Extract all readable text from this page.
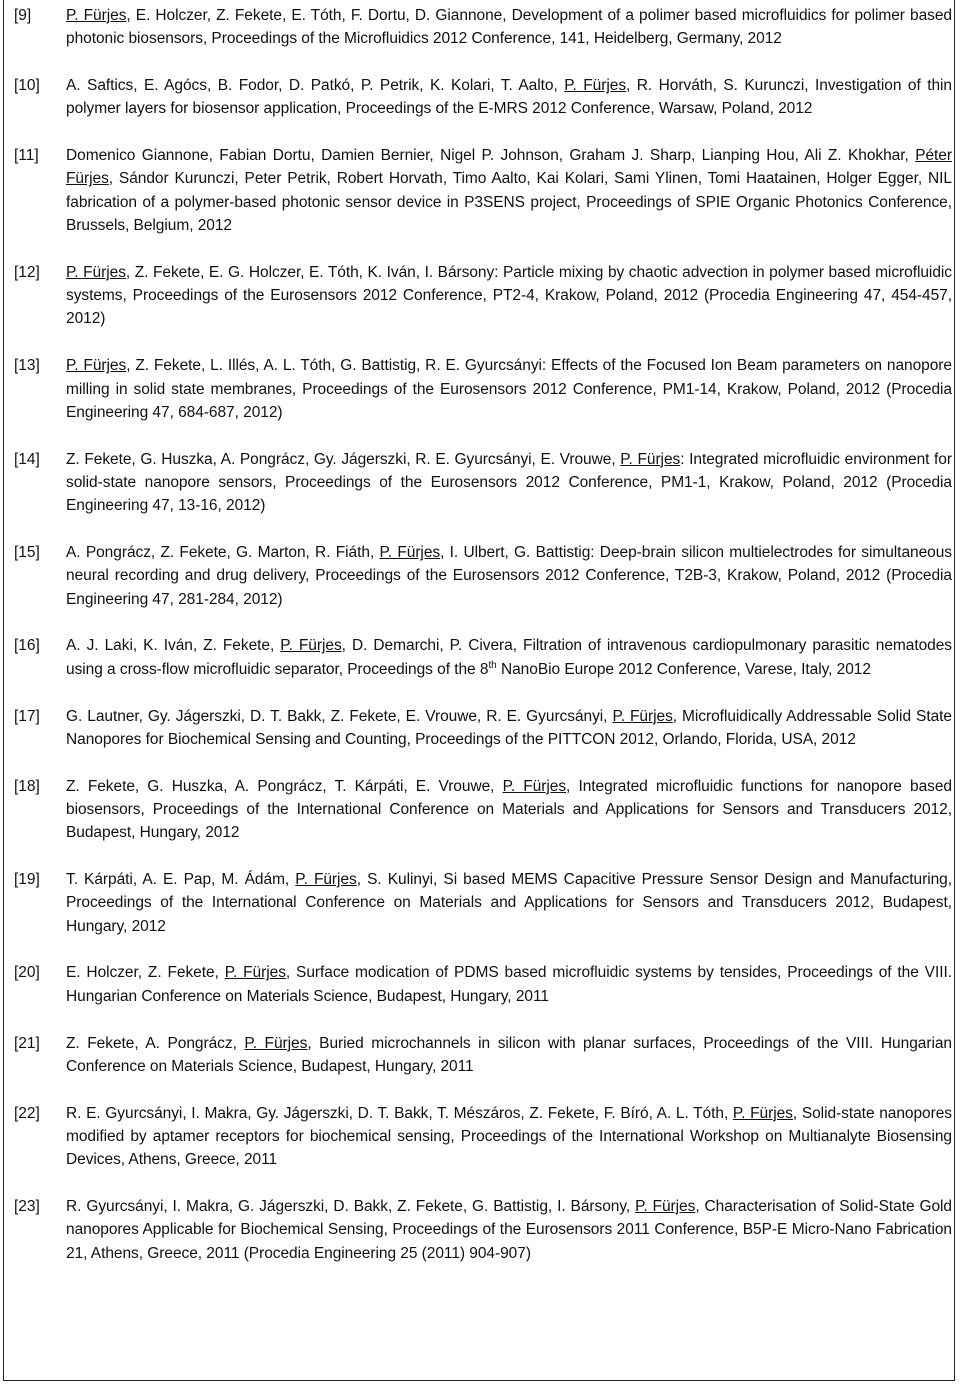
[9]	P. Fürjes, E. Holczer, Z. Fekete, E. Tóth, F. Dortu, D. Giannone, Development of a polimer based microfluidics for polimer based photonic biosensors, Proceedings of the Microfluidics 2012 Conference, 141, Heidelberg, Germany, 2012
[10]	A. Saftics, E. Agócs, B. Fodor, D. Patkó, P. Petrik, K. Kolari, T. Aalto, P. Fürjes, R. Horváth, S. Kurunczi, Investigation of thin polymer layers for biosensor application, Proceedings of the E-MRS 2012 Conference, Warsaw, Poland, 2012
[11]	Domenico Giannone, Fabian Dortu, Damien Bernier, Nigel P. Johnson, Graham J. Sharp, Lianping Hou, Ali Z. Khokhar, Péter Fürjes, Sándor Kurunczi, Peter Petrik, Robert Horvath, Timo Aalto, Kai Kolari, Sami Ylinen, Tomi Haatainen, Holger Egger, NIL fabrication of a polymer-based photonic sensor device in P3SENS project, Proceedings of SPIE Organic Photonics Conference, Brussels, Belgium, 2012
[12]	P. Fürjes, Z. Fekete, E. G. Holczer, E. Tóth, K. Iván, I. Bársony: Particle mixing by chaotic advection in polymer based microfluidic systems, Proceedings of the Eurosensors 2012 Conference, PT2-4, Krakow, Poland, 2012 (Procedia Engineering 47, 454-457, 2012)
[13]	P. Fürjes, Z. Fekete, L. Illés, A. L. Tóth, G. Battistig, R. E. Gyurcsányi: Effects of the Focused Ion Beam parameters on nanopore milling in solid state membranes, Proceedings of the Eurosensors 2012 Conference, PM1-14, Krakow, Poland, 2012 (Procedia Engineering 47, 684-687, 2012)
[14]	Z. Fekete, G. Huszka, A. Pongrácz, Gy. Jágerszki, R. E. Gyurcsányi, E. Vrouwe, P. Fürjes: Integrated microfluidic environment for solid-state nanopore sensors, Proceedings of the Eurosensors 2012 Conference, PM1-1, Krakow, Poland, 2012 (Procedia Engineering 47, 13-16, 2012)
[15]	A. Pongrácz, Z. Fekete, G. Marton, R. Fiáth, P. Fürjes, I. Ulbert, G. Battistig: Deep-brain silicon multielectrodes for simultaneous neural recording and drug delivery, Proceedings of the Eurosensors 2012 Conference, T2B-3, Krakow, Poland, 2012 (Procedia Engineering 47, 281-284, 2012)
[16]	A. J. Laki, K. Iván, Z. Fekete, P. Fürjes, D. Demarchi, P. Civera, Filtration of intravenous cardiopulmonary parasitic nematodes using a cross-flow microfluidic separator, Proceedings of the 8th NanoBio Europe 2012 Conference, Varese, Italy, 2012
[17]	G. Lautner, Gy. Jágerszki, D. T. Bakk, Z. Fekete, E. Vrouwe, R. E. Gyurcsányi, P. Fürjes, Microfluidically Addressable Solid State Nanopores for Biochemical Sensing and Counting, Proceedings of the PITTCON 2012, Orlando, Florida, USA, 2012
[18]	Z. Fekete, G. Huszka, A. Pongrácz, T. Kárpáti, E. Vrouwe, P. Fürjes, Integrated microfluidic functions for nanopore based biosensors, Proceedings of the International Conference on Materials and Applications for Sensors and Transducers 2012, Budapest, Hungary, 2012
[19]	T. Kárpáti, A. E. Pap, M. Ádám, P. Fürjes, S. Kulinyi, Si based MEMS Capacitive Pressure Sensor Design and Manufacturing, Proceedings of the International Conference on Materials and Applications for Sensors and Transducers 2012, Budapest, Hungary, 2012
[20]	E. Holczer, Z. Fekete, P. Fürjes, Surface modication of PDMS based microfluidic systems by tensides, Proceedings of the VIII. Hungarian Conference on Materials Science, Budapest, Hungary, 2011
[21]	Z. Fekete, A. Pongrácz, P. Fürjes, Buried microchannels in silicon with planar surfaces, Proceedings of the VIII. Hungarian Conference on Materials Science, Budapest, Hungary, 2011
[22]	R. E. Gyurcsányi, I. Makra, Gy. Jágerszki, D. T. Bakk, T. Mészáros, Z. Fekete, F. Bíró, A. L. Tóth, P. Fürjes, Solid-state nanopores modified by aptamer receptors for biochemical sensing, Proceedings of the International Workshop on Multianalyte Biosensing Devices, Athens, Greece, 2011
[23]	R. Gyurcsányi, I. Makra, G. Jágerszki, D. Bakk, Z. Fekete, G. Battistig, I. Bársony, P. Fürjes, Characterisation of Solid-State Gold nanopores Applicable for Biochemical Sensing, Proceedings of the Eurosensors 2011 Conference, B5P-E Micro-Nano Fabrication 21, Athens, Greece, 2011 (Procedia Engineering 25 (2011) 904-907)
